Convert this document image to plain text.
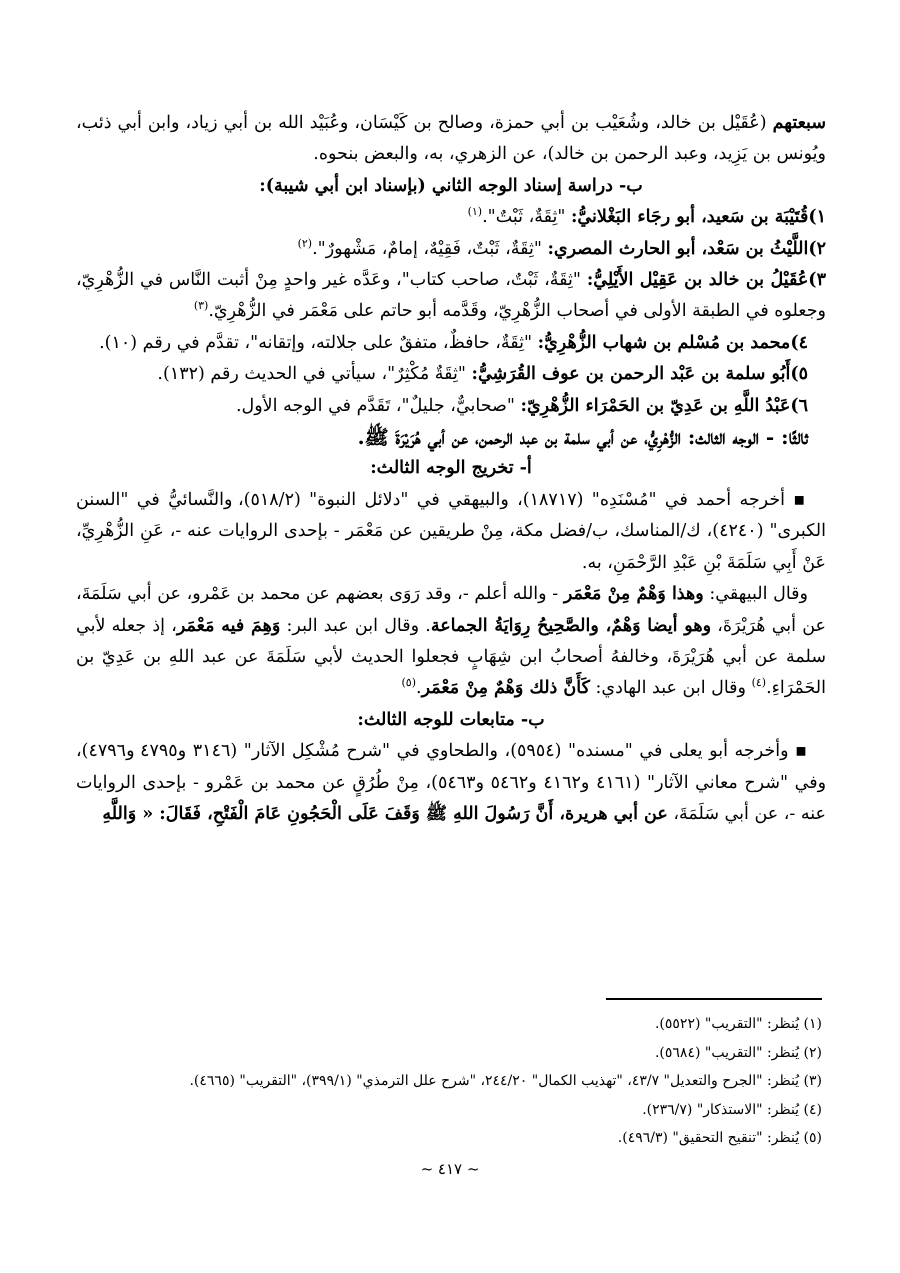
سبعتهم (عُقَيْل بن خالد، وشُعَيْب بن أبي حمزة، وصالح بن كَيْسَان، وعُبَيْد الله بن أبي زياد، وابن أبي ذئب، ويُونس بن يَزِيد، وعبد الرحمن بن خالد)، عن الزهري، به، والبعض بنحوه.

ب- دراسة إسناد الوجه الثاني (بإسناد ابن أبي شيبة):

١)قُتَيْبَة بن سَعيد، أبو رجَاء البَغْلانيُّ: "ثِقَةٌ، ثَبْتٌ".$^{(١)}$

٢)اللَّيْثُ بن سَعْد، أبو الحارث المصري: "ثِقَةٌ، ثَبْتٌ، فَقِيْهٌ، إمامٌ، مَشْهورٌ".$^{(٢)}$

٣)عُقَيْلُ بن خالد بن عَقِيْل الأَيْلِيُّ: "ثِقَةٌ، ثَبْتٌ، صاحب كتاب"، وعَدَّه غير واحدٍ مِنْ أثبت النَّاس في الزُّهْرِيّ، وجعلوه في الطبقة الأولى في أصحاب الزُّهْرِيّ، وقَدَّمه أبو حاتم على مَعْمَر في الزُّهْرِيّ.$^{(٣)}$

٤)محمد بن مُسْلم بن شهاب الزُّهْرِيُّ: "ثِقَةٌ، حافظٌ، متفقٌ على جلالته، وإتقانه"، تقدَّم في رقم (١٠).

٥)أَبُو سلمة بن عَبْد الرحمن بن عوف القُرَشِيُّ: "ثِقَةٌ مُكْثِرٌ"، سيأتي في الحديث رقم (١٣٢).

٦)عَبْدُ اللَّهِ بن عَدِيّ بن الحَمْرَاء الزُّهْرِيّ: "صحابيٌّ، جليلٌ"، تَقَدَّم في الوجه الأول.

ثالثًا: - الوجه الثالث: الزُّهْرِيُّ، عن أبي سلمة بن عبد الرحمن، عن أبي هُرَيْرَةَ ﷺ.

أ- تخريج الوجه الثالث:

▪ أخرجه أحمد في "مُسْنَدِه" (١٨٧١٧)، والبيهقي في "دلائل النبوة" (٥١٨/٢)، والنَّسائيُّ في "السنن الكبرى" (٤٢٤٠)، ك/المناسك، ب/فضل مكة، مِنْ طريقين عن مَعْمَر - بإحدى الروايات عنه -، عَنِ الزُّهْرِيِّ، عَنْ أَبِي سَلَمَةَ بْنِ عَبْدِ الرَّحْمَنِ، به.

وقال البيهقي: وهذا وَهْمٌ مِنْ مَعْمَر - والله أعلم -، وقد رَوَى بعضهم عن محمد بن عَمْرو، عن أبي سَلَمَةَ، عن أبي هُرَيْرَةَ، وهو أيضا وَهْمٌ، والصَّحِيحُ رِوَايَةُ الجماعة. وقال ابن عبد البر: وَهِمَ فيه مَعْمَر، إذ جعله لأبي سلمة عن أبي هُرَيْرَةَ، وخالفهُ أصحابُ ابن شِهَابٍ فجعلوا الحديث لأبي سَلَمَةَ عن عبد اللهِ بن عَدِيّ بن الحَمْرَاءِ.$^{(٤)}$ وقال ابن عبد الهادي: كَأَنَّ ذلك وَهْمٌ مِنْ مَعْمَر.$^{(٥)}$

ب- متابعات للوجه الثالث:

▪ وأخرجه أبو يعلى في "مسنده" (٥٩٥٤)، والطحاوي في "شرح مُشْكِل الآثار" (٣١٤٦ و٤٧٩٥ و٤٧٩٦)، وفي "شرح معاني الآثار" (٤١٦١ و٤١٦٢ و٥٤٦٢ و٥٤٦٣)، مِنْ طُرُقٍ عن محمد بن عَمْرو - بإحدى الروايات عنه -، عن أبي سَلَمَةَ، عن أبي هريرة، أَنَّ رَسُولَ اللهِ ﷺ وَقَفَ عَلَى الْحَجُونِ عَامَ الْفَتْحِ، فَقَالَ: « وَاللَّهِ

(١) يُنظر: "التقريب" (٥٥٢٢).

(٢) يُنظر: "التقريب" (٥٦٨٤).

(٣) يُنظر: "الجرح والتعديل" ٤٣/٧، "تهذيب الكمال" ٢٤٤/٢٠، "شرح علل الترمذي" (٣٩٩/١)، "التقريب" (٤٦٦٥).

(٤) يُنظر: "الاستذكار" (٢٣٦/٧).

(٥) يُنظر: "تنقيح التحقيق" (٤٩٦/٣).

~ ٤١٧ ~
